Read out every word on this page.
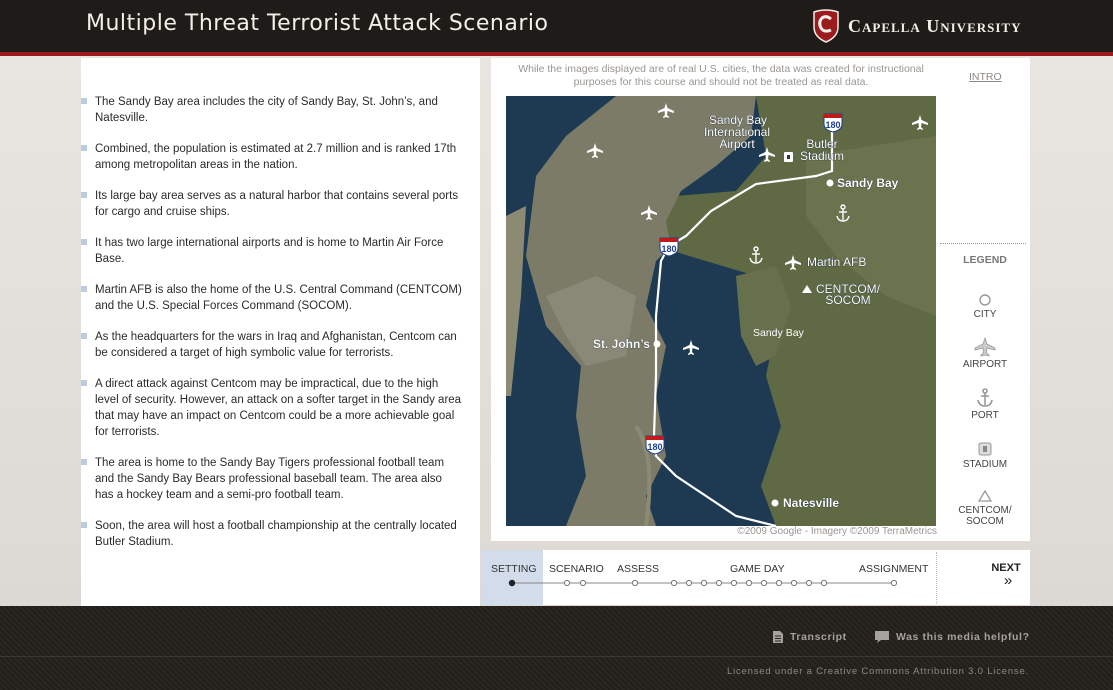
Multiple Threat Terrorist Attack Scenario	Capella University
The Sandy Bay area includes the city of Sandy Bay, St. John’s, and Natesville.
Combined, the population is estimated at 2.7 million and is ranked 17th among metropolitan areas in the nation.
Its large bay area serves as a natural harbor that contains several ports for cargo and cruise ships.
It has two large international airports and is home to Martin Air Force Base.
Martin AFB is also the home of the U.S. Central Command (CENTCOM) and the U.S. Special Forces Command (SOCOM).
As the headquarters for the wars in Iraq and Afghanistan, Centcom can be considered a target of high symbolic value for terrorists.
A direct attack against Centcom may be impractical, due to the high level of security. However, an attack on a softer target in the Sandy area that may have an impact on Centcom could be a more achievable goal for terrorists.
The area is home to the Sandy Bay Tigers professional football team and the Sandy Bay Bears professional baseball team. The area also has a hockey team and a semi-pro football team.
Soon, the area will host a football championship at the centrally located Butler Stadium.
While the images displayed are of real U.S. cities, the data was created for instructional purposes for this course and should not be treated as real data.	INTRO
180
180
180
Sandy Bay
International
Airport	Butler
Stadium
Sandy Bay
Martin AFB
CENTCOM/
SOCOM
St. John’s
Natesville
Sandy Bay
©2009 Google - Imagery ©2009 TerraMetrics
LEGEND
CITY
AIRPORT
PORT
STADIUM
CENTCOM/
SOCOM
SETTING SCENARIO ASSESS	GAME DAY	ASSIGNMENT	NEXT
»
Transcript	Was this media helpful?
Licensed under a Creative Commons Attribution 3.0 License.
